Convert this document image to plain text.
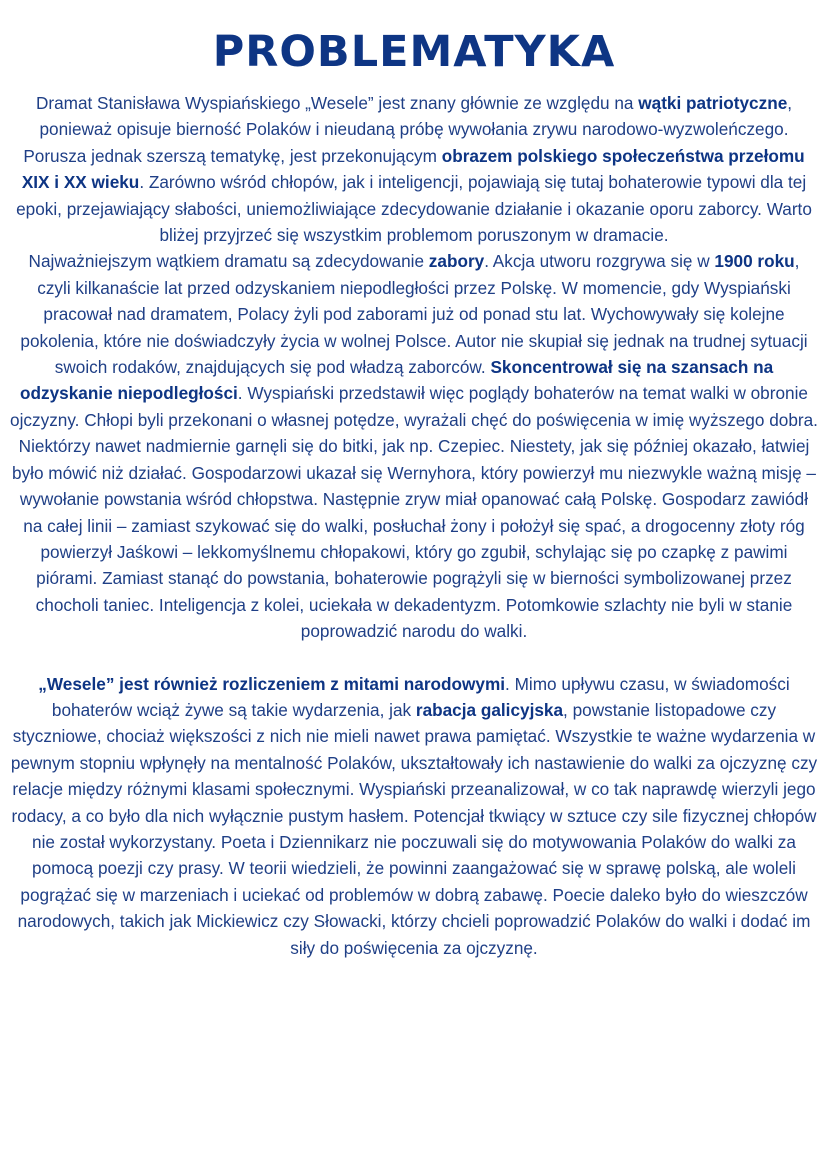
PROBLEMATYKA

Dramat Stanisława Wyspiańskiego „Wesele” jest znany głównie ze względu na wątki patriotyczne, ponieważ opisuje bierność Polaków i nieudaną próbę wywołania zrywu narodowo-wyzwoleńczego. Porusza jednak szerszą tematykę, jest przekonującym obrazem polskiego społeczeństwa przełomu XIX i XX wieku. Zarówno wśród chłopów, jak i inteligencji, pojawiają się tutaj bohaterowie typowi dla tej epoki, przejawiający słabości, uniemożliwiające zdecydowanie działanie i okazanie oporu zaborcy. Warto bliżej przyjrzeć się wszystkim problemom poruszonym w dramacie.

Najważniejszym wątkiem dramatu są zdecydowanie zabory. Akcja utworu rozgrywa się w 1900 roku, czyli kilkanaście lat przed odzyskaniem niepodległości przez Polskę. W momencie, gdy Wyspiański pracował nad dramatem, Polacy żyli pod zaborami już od ponad stu lat. Wychowywały się kolejne pokolenia, które nie doświadczyły życia w wolnej Polsce. Autor nie skupiał się jednak na trudnej sytuacji swoich rodaków, znajdujących się pod władzą zaborców. Skoncentrował się na szansach na odzyskanie niepodległości. Wyspiański przedstawił więc poglądy bohaterów na temat walki w obronie ojczyzny. Chłopi byli przekonani o własnej potędze, wyrażali chęć do poświęcenia w imię wyższego dobra. Niektórzy nawet nadmiernie garnęli się do bitki, jak np. Czepiec. Niestety, jak się później okazało, łatwiej było mówić niż działać. Gospodarzowi ukazał się Wernyhora, który powierzył mu niezwykle ważną misję – wywołanie powstania wśród chłopstwa. Następnie zryw miał opanować całą Polskę. Gospodarz zawiódł na całej linii – zamiast szykować się do walki, posłuchał żony i położył się spać, a drogocenny złoty róg powierzył Jaśkowi – lekkomyślnemu chłopakowi, który go zgubił, schylając się po czapkę z pawimi piórami. Zamiast stanąć do powstania, bohaterowie pogrążyli się w bierności symbolizowanej przez chocholi taniec. Inteligencja z kolei, uciekała w dekadentyzm. Potomkowie szlachty nie byli w stanie poprowadzić narodu do walki.

„Wesele” jest również rozliczeniem z mitami narodowymi. Mimo upływu czasu, w świadomości bohaterów wciąż żywe są takie wydarzenia, jak rabacja galicyjska, powstanie listopadowe czy styczniowe, chociaż większości z nich nie mieli nawet prawa pamiętać. Wszystkie te ważne wydarzenia w pewnym stopniu wpłynęły na mentalność Polaków, ukształtowały ich nastawienie do walki za ojczyznę czy relacje między różnymi klasami społecznymi. Wyspiański przeanalizował, w co tak naprawdę wierzyli jego rodacy, a co było dla nich wyłącznie pustym hasłem. Potencjał tkwiący w sztuce czy sile fizycznej chłopów nie został wykorzystany. Poeta i Dziennikarz nie poczuwali się do motywowania Polaków do walki za pomocą poezji czy prasy. W teorii wiedzieli, że powinni zaangażować się w sprawę polską, ale woleli pogrążać się w marzeniach i uciekać od problemów w dobrą zabawę. Poecie daleko było do wieszczów narodowych, takich jak Mickiewicz czy Słowacki, którzy chcieli poprowadzić Polaków do walki i dodać im siły do poświęcenia za ojczyznę.
